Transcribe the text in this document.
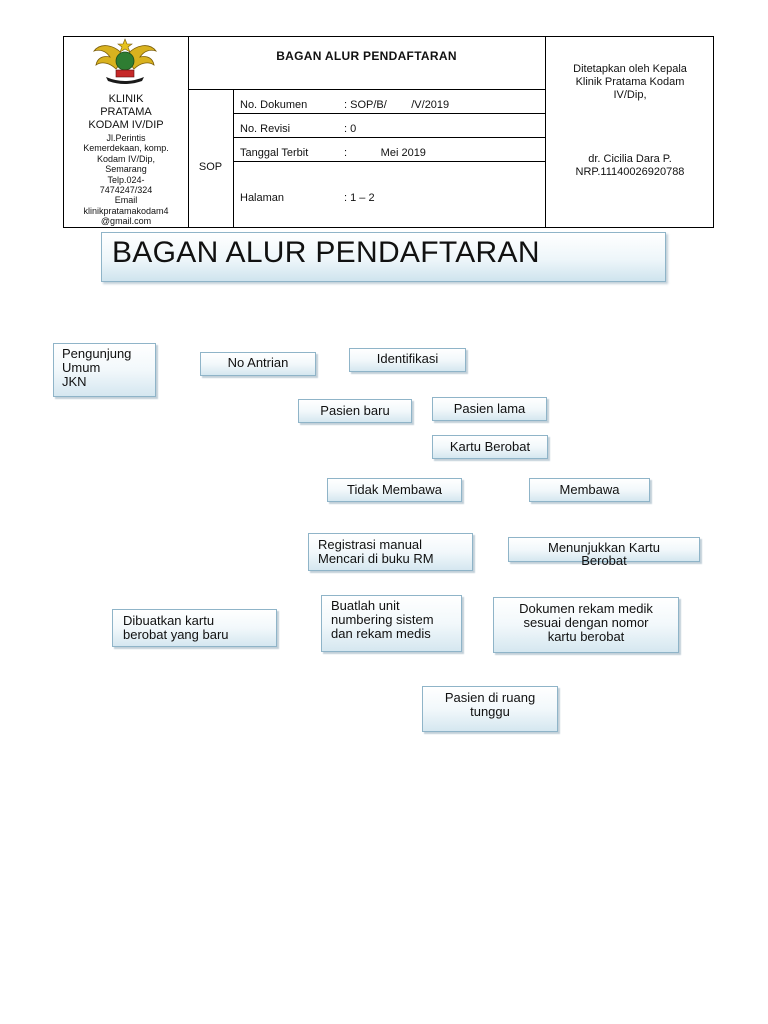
KLINIK
PRATAMA
KODAM IV/DIP
Jl.Perintis
Kemerdekaan, komp.
Kodam IV/Dip,
Semarang
Telp.024-
7474247/324
Email
klinikpratamakodam4
@gmail.com
BAGAN ALUR PENDAFTARAN
SOP
No. Dokumen	: SOP/B/        /V/2019
No. Revisi	: 0
Tanggal Terbit	:           Mei 2019
Halaman	: 1 – 2
Ditetapkan oleh Kepala
Klinik Pratama Kodam
IV/Dip,
dr. Cicilia Dara P.
NRP.11140026920788
BAGAN ALUR PENDAFTARAN
Pengunjung
Umum
JKN
No Antrian	Identifikasi
Pasien baru	Pasien lama
Kartu Berobat
Tidak Membawa	Membawa
Registrasi manual
Mencari di buku RM
Menunjukkan Kartu
Berobat
Dibuatkan kartu
berobat yang baru
Buatlah unit
numbering sistem
dan rekam medis
Dokumen rekam medik
sesuai dengan nomor
kartu berobat
Pasien di ruang
tunggu
